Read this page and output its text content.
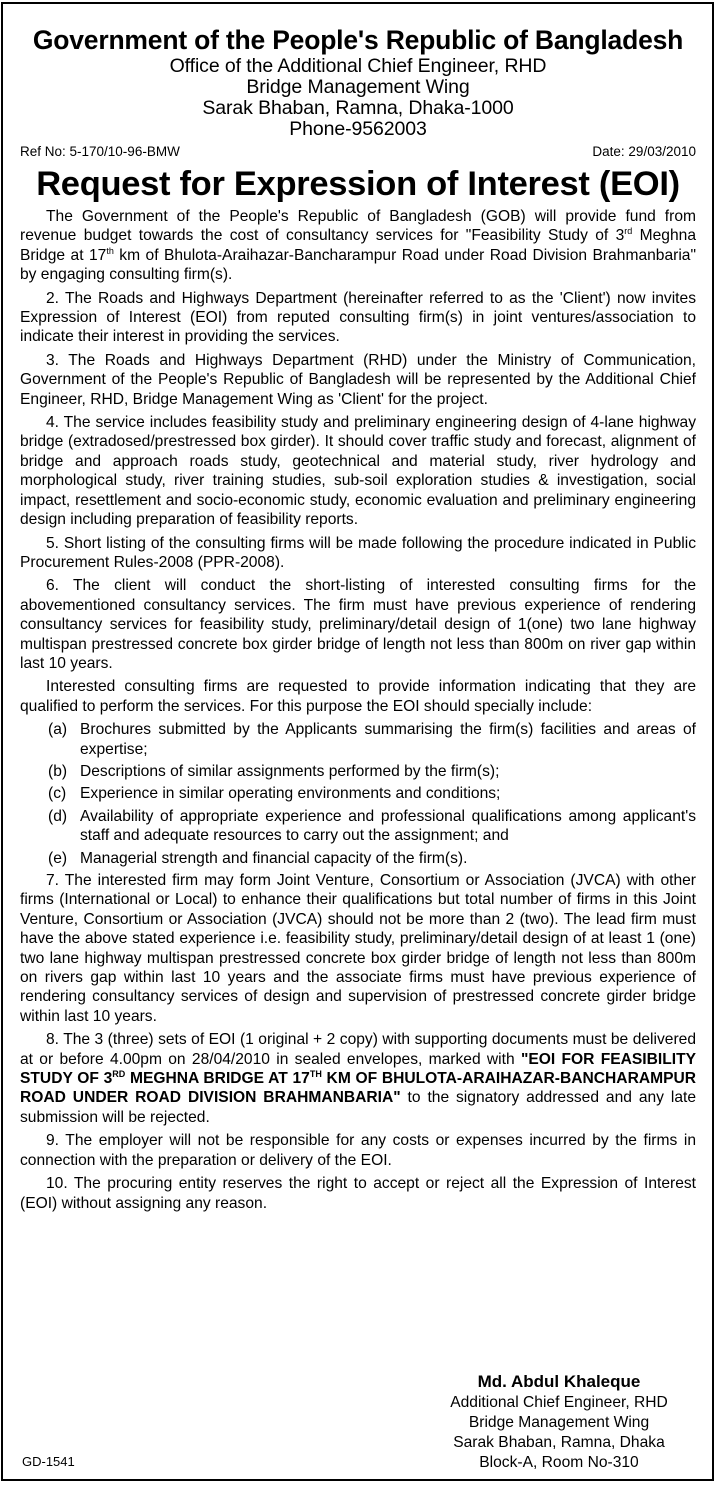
Government of the People's Republic of Bangladesh
Office of the Additional Chief Engineer, RHD
Bridge Management Wing
Sarak Bhaban, Ramna, Dhaka-1000
Phone-9562003
Ref No: 5-170/10-96-BMW	Date: 29/03/2010
Request for Expression of Interest (EOI)

The Government of the People's Republic of Bangladesh (GOB) will provide fund from revenue budget towards the cost of consultancy services for "Feasibility Study of 3rd Meghna Bridge at 17th km of Bhulota-Araihazar-Bancharampur Road under Road Division Brahmanbaria" by engaging consulting firm(s).

2. The Roads and Highways Department (hereinafter referred to as the 'Client') now invites Expression of Interest (EOI) from reputed consulting firm(s) in joint ventures/association to indicate their interest in providing the services.

3. The Roads and Highways Department (RHD) under the Ministry of Communication, Government of the People's Republic of Bangladesh will be represented by the Additional Chief Engineer, RHD, Bridge Management Wing as 'Client' for the project.

4. The service includes feasibility study and preliminary engineering design of 4-lane highway bridge (extradosed/prestressed box girder). It should cover traffic study and forecast, alignment of bridge and approach roads study, geotechnical and material study, river hydrology and morphological study, river training studies, sub-soil exploration studies & investigation, social impact, resettlement and socio-economic study, economic evaluation and preliminary engineering design including preparation of feasibility reports.

5. Short listing of the consulting firms will be made following the procedure indicated in Public Procurement Rules-2008 (PPR-2008).

6. The client will conduct the short-listing of interested consulting firms for the abovementioned consultancy services. The firm must have previous experience of rendering consultancy services for feasibility study, preliminary/detail design of 1(one) two lane highway multispan prestressed concrete box girder bridge of length not less than 800m on river gap within last 10 years.

Interested consulting firms are requested to provide information indicating that they are qualified to perform the services. For this purpose the EOI should specially include:

(a) Brochures submitted by the Applicants summarising the firm(s) facilities and areas of expertise;
(b) Descriptions of similar assignments performed by the firm(s);
(c) Experience in similar operating environments and conditions;
(d) Availability of appropriate experience and professional qualifications among applicant's staff and adequate resources to carry out the assignment; and
(e) Managerial strength and financial capacity of the firm(s).

7. The interested firm may form Joint Venture, Consortium or Association (JVCA) with other firms (International or Local) to enhance their qualifications but total number of firms in this Joint Venture, Consortium or Association (JVCA) should not be more than 2 (two). The lead firm must have the above stated experience i.e. feasibility study, preliminary/detail design of at least 1 (one) two lane highway multispan prestressed concrete box girder bridge of length not less than 800m on rivers gap within last 10 years and the associate firms must have previous experience of rendering consultancy services of design and supervision of prestressed concrete girder bridge within last 10 years.

8. The 3 (three) sets of EOI (1 original + 2 copy) with supporting documents must be delivered at or before 4.00pm on 28/04/2010 in sealed envelopes, marked with "EOI FOR FEASIBILITY STUDY OF 3RD MEGHNA BRIDGE AT 17TH KM OF BHULOTA-ARAIHAZAR-BANCHARAMPUR ROAD UNDER ROAD DIVISION BRAHMANBARIA" to the signatory addressed and any late submission will be rejected.

9. The employer will not be responsible for any costs or expenses incurred by the firms in connection with the preparation or delivery of the EOI.

10. The procuring entity reserves the right to accept or reject all the Expression of Interest (EOI) without assigning any reason.

Md. Abdul Khaleque
Additional Chief Engineer, RHD
Bridge Management Wing
Sarak Bhaban, Ramna, Dhaka
Block-A, Room No-310
GD-1541
